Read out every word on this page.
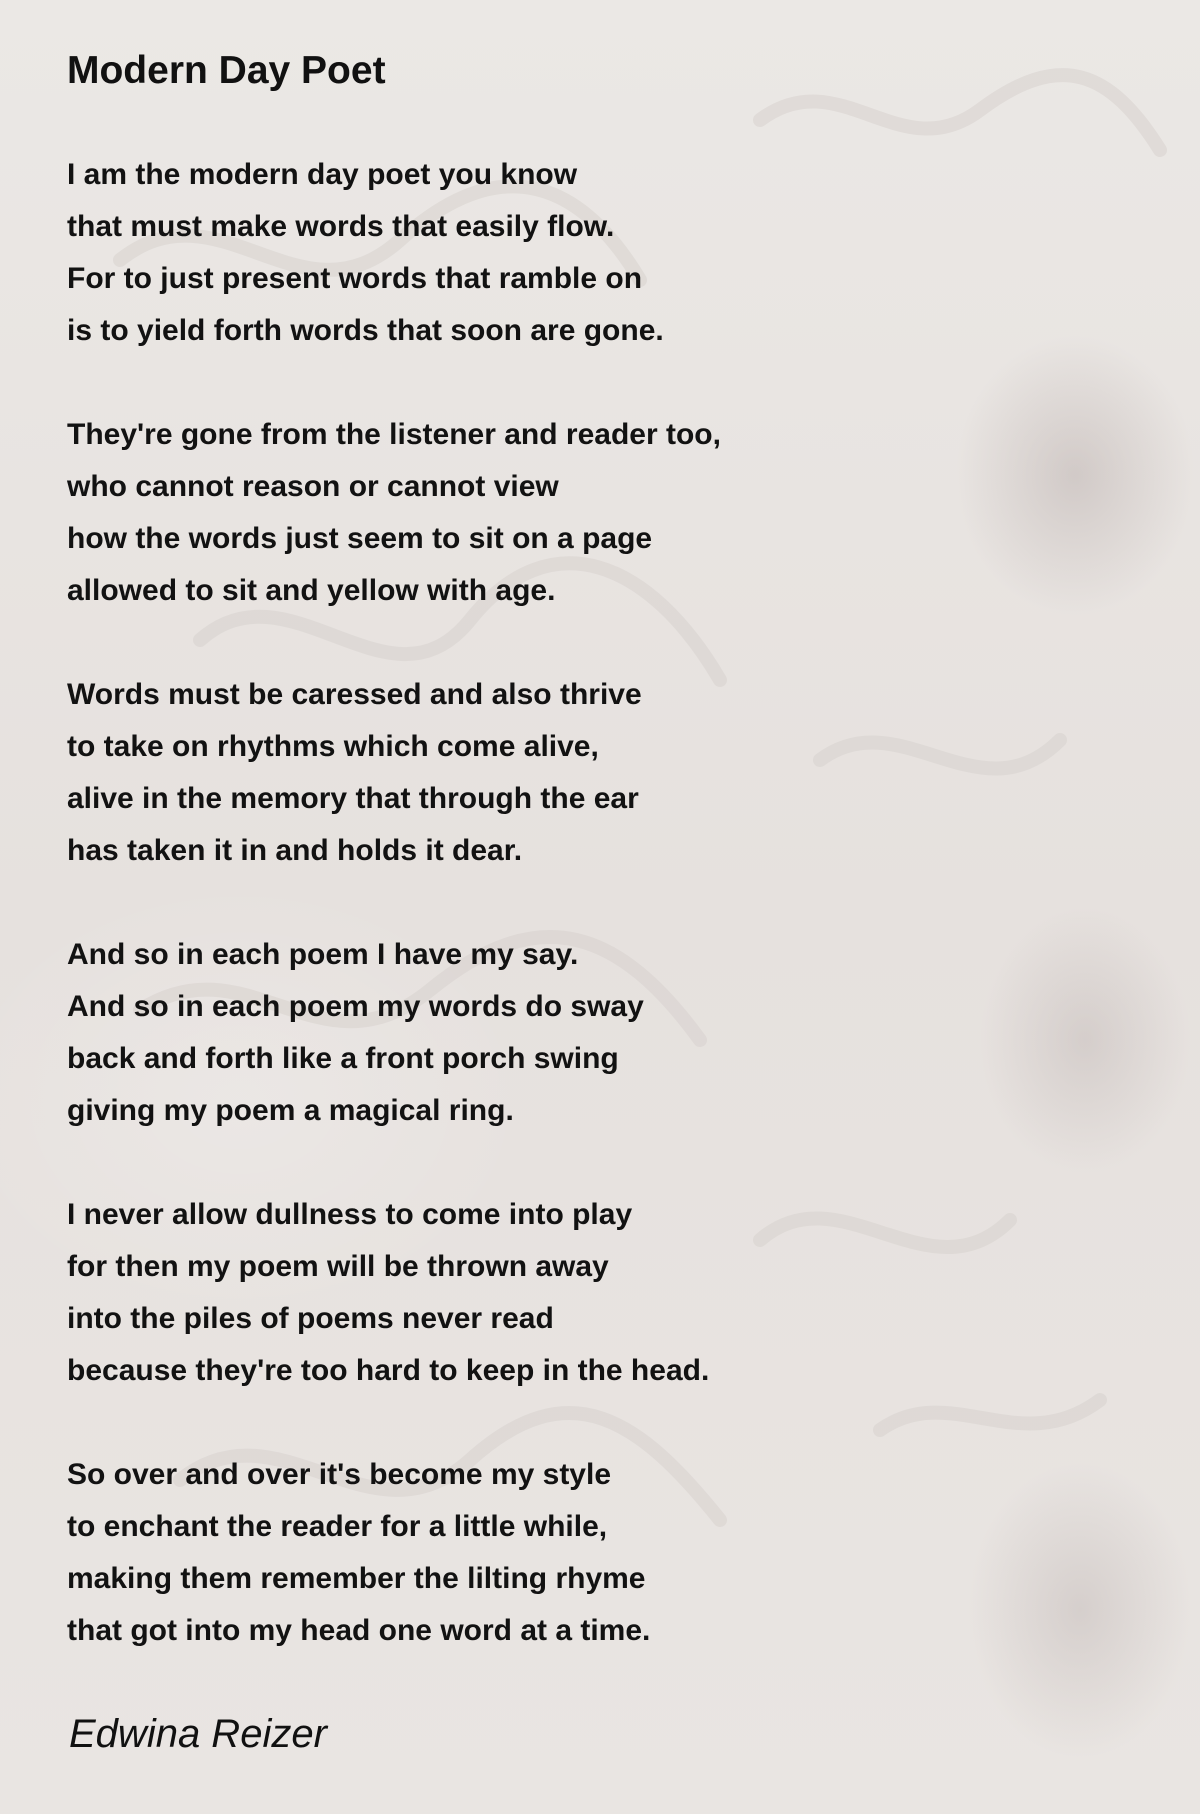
Modern Day Poet
I am the modern day poet you know
that must make words that easily flow.
For to just present words that ramble on
is to yield forth words that soon are gone.
They're gone from the listener and reader too,
who cannot reason or cannot view
how the words just seem to sit on a page
allowed to sit and yellow with age.
Words must be caressed and also thrive
to take on rhythms which come alive,
alive in the memory that through the ear
has taken it in and holds it dear.
And so in each poem I have my say.
And so in each poem my words do sway
back and forth like a front porch swing
giving my poem a magical ring.
I never allow dullness to come into play
for then my poem will be thrown away
into the piles of poems never read
because they're too hard to keep in the head.
So over and over it's become my style
to enchant the reader for a little while,
making them remember the lilting rhyme
that got into my head one word at a time.
Edwina Reizer
